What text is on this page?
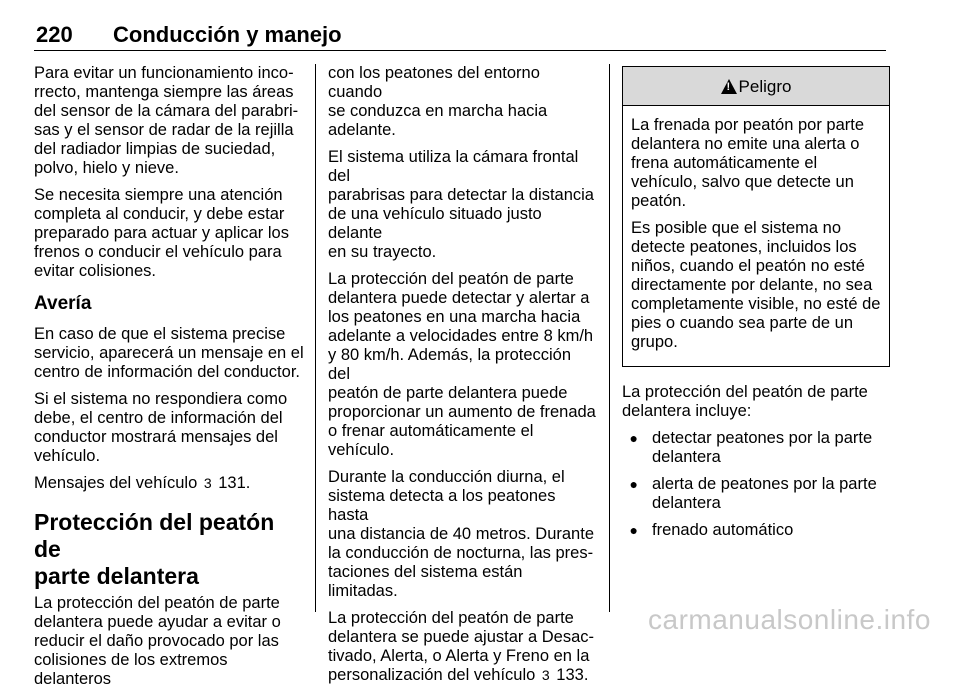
220 Conducción y manejo

Para evitar un funcionamiento inco-
rrecto, mantenga siempre las áreas
del sensor de la cámara del parabri-
sas y el sensor de radar de la rejilla
del radiador limpias de suciedad,
polvo, hielo y nieve.

Se necesita siempre una atención
completa al conducir, y debe estar
preparado para actuar y aplicar los
frenos o conducir el vehículo para
evitar colisiones.

Avería

En caso de que el sistema precise
servicio, aparecerá un mensaje en el
centro de información del conductor.

Si el sistema no respondiera como
debe, el centro de información del
conductor mostrará mensajes del
vehículo.

Mensajes del vehículo 3 131.

Protección del peatón de
parte delantera

La protección del peatón de parte
delantera puede ayudar a evitar o
reducir el daño provocado por las
colisiones de los extremos delanteros

con los peatones del entorno cuando
se conduzca en marcha hacia
adelante.

El sistema utiliza la cámara frontal del
parabrisas para detectar la distancia
de una vehículo situado justo delante
en su trayecto.

La protección del peatón de parte
delantera puede detectar y alertar a
los peatones en una marcha hacia
adelante a velocidades entre 8 km/h
y 80 km/h. Además, la protección del
peatón de parte delantera puede
proporcionar un aumento de frenada
o frenar automáticamente el vehículo.

Durante la conducción diurna, el
sistema detecta a los peatones hasta
una distancia de 40 metros. Durante
la conducción de nocturna, las pres-
taciones del sistema están limitadas.

La protección del peatón de parte
delantera se puede ajustar a Desac-
tivado, Alerta, o Alerta y Freno en la
personalización del vehículo 3 133.

!
Peligro

La frenada por peatón por parte
delantera no emite una alerta o
frena automáticamente el
vehículo, salvo que detecte un
peatón.

Es posible que el sistema no
detecte peatones, incluidos los
niños, cuando el peatón no esté
directamente por delante, no sea
completamente visible, no esté de
pies o cuando sea parte de un
grupo.

La protección del peatón de parte
delantera incluye:

● detectar peatones por la parte
delantera
● alerta de peatones por la parte
delantera
● frenado automático
carmanualsonline.info
